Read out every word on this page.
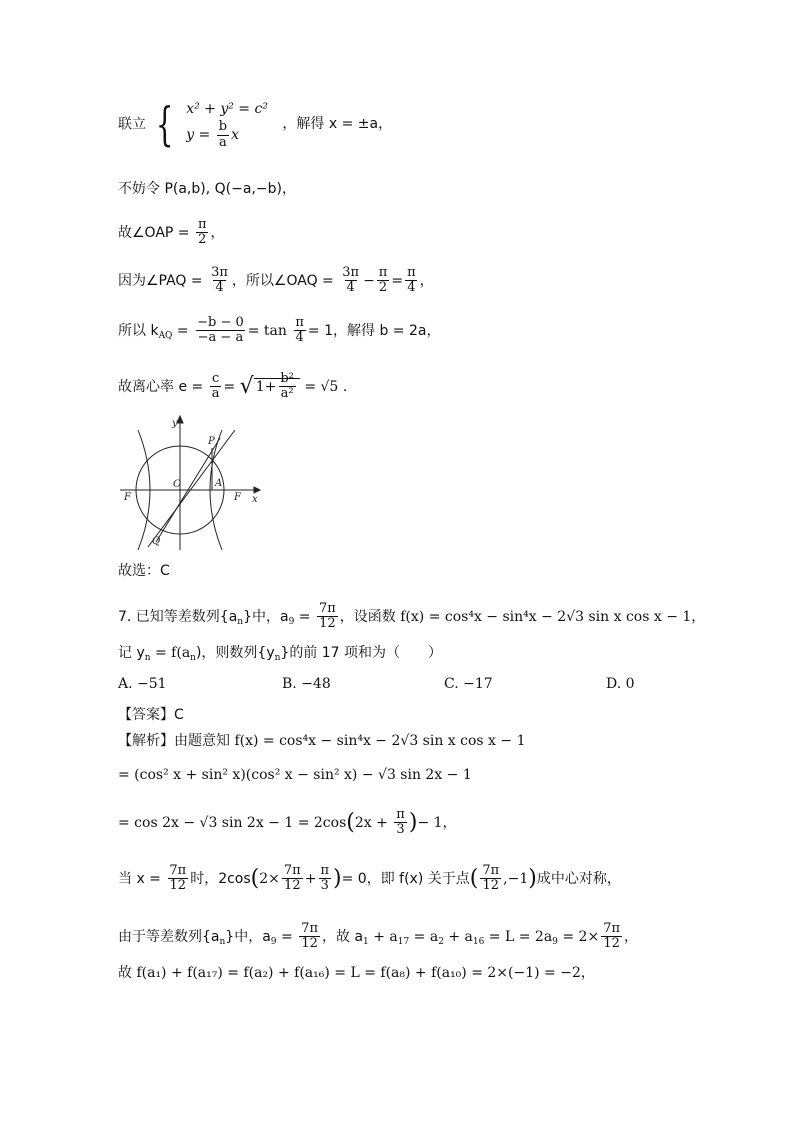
联立 { x² + y² = c²
$y = \frac{b}{a}$ x
，解得 x = ±a，
不妨令 P(a,b), Q(−a,−b)，
故∠OAP = $\frac{\pi}{2}$ ，
因为∠PAQ = $\frac{3\pi}{4}$ ，所以∠OAQ = $\frac{3\pi}{4} - \frac{\pi}{2} = \frac{\pi}{4}$ ，
所以 $k_{AQ} = \frac{-b - 0}{-a - a} = \tan \frac{\pi}{4} = 1$，解得 b = 2a，
故离心率 $e = \frac{c}{a}$ = √ $1+ \frac{\text{b²}}{\text{a²}} = √5$ .
y
x
P
O	A
Q
F	F
故选：C
7. 已知等差数列$\{a_n\}$中，$a_9 = \frac{7\pi}{12}$ ，设函数 f(x) = cos⁴x − sin⁴x − 2√3 sin x cos x − 1，
记 $y_n = f(a_n)$，则数列$\{y_n\}$的前 17 项和为（　　）
A. −51	B. −48	C. −17	D. 0
【答案】C
【解析】由题意知 f(x) = cos⁴x − sin⁴x − 2√3 sin x cos x − 1
= (cos² x + sin² x)(cos² x − sin² x) − √3 sin 2x − 1
= cos 2x − √3 $\sin 2x - 1 = 2\cos(2x + \frac{\pi}{3}$ )− 1，
当 $x = \frac{7\pi}{12}$ 时，$2\cos(2\times \frac{7\pi}{12} + \frac{\pi}{3}$ )= 0，即 f(x) 关于点( $\frac{7\pi}{12} ,-1$)成中心对称，
由于等差数列$\{a_n\}$中，$a_9 = \frac{7\pi}{12}$ ，故 $a_1 + a_{17} = a_2 + a_{16} = L = 2a_9 = 2\times \frac{7\pi}{12}$ ，
故 f(a₁) + f(a₁₇) = f(a₂) + f(a₁₆) = L = f(a₈) + f(a₁₀) = 2×(−1) = −2，
